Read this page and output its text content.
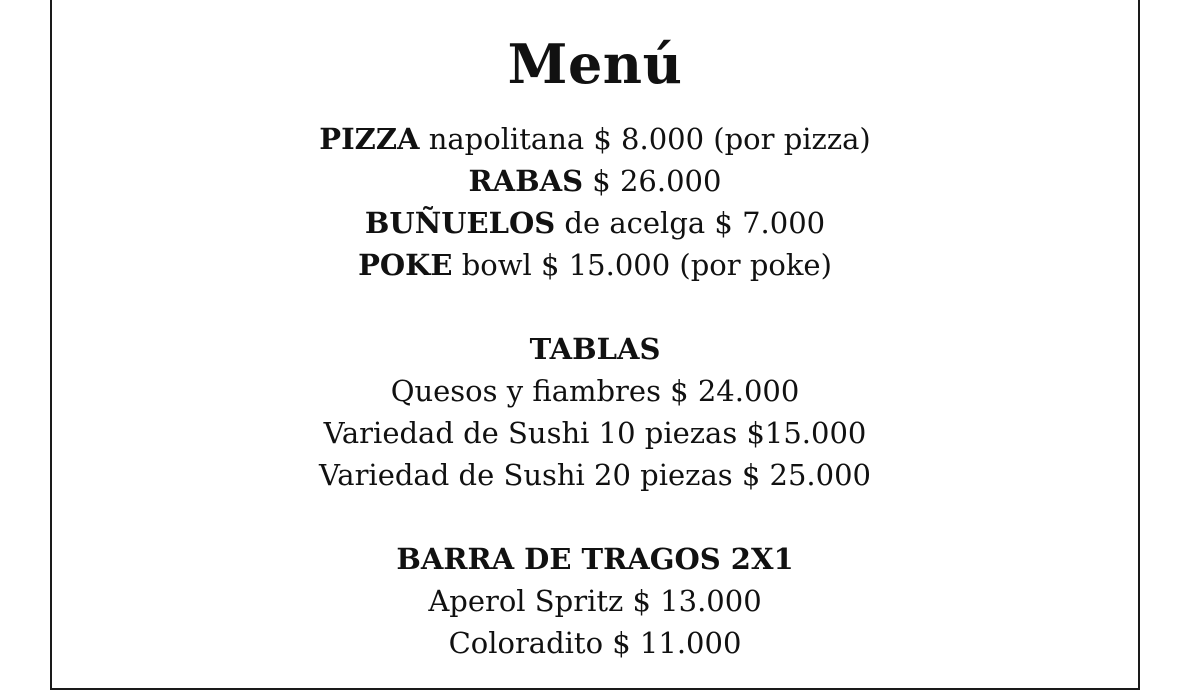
Menú
PIZZA napolitana $ 8.000 (por pizza)
RABAS $ 26.000
BUÑUELOS de acelga $ 7.000
POKE bowl $ 15.000 (por poke)
TABLAS
Quesos y fiambres $ 24.000
Variedad de Sushi 10 piezas $15.000
Variedad de Sushi 20 piezas $ 25.000
BARRA DE TRAGOS 2X1
Aperol Spritz $ 13.000
Coloradito $ 11.000
